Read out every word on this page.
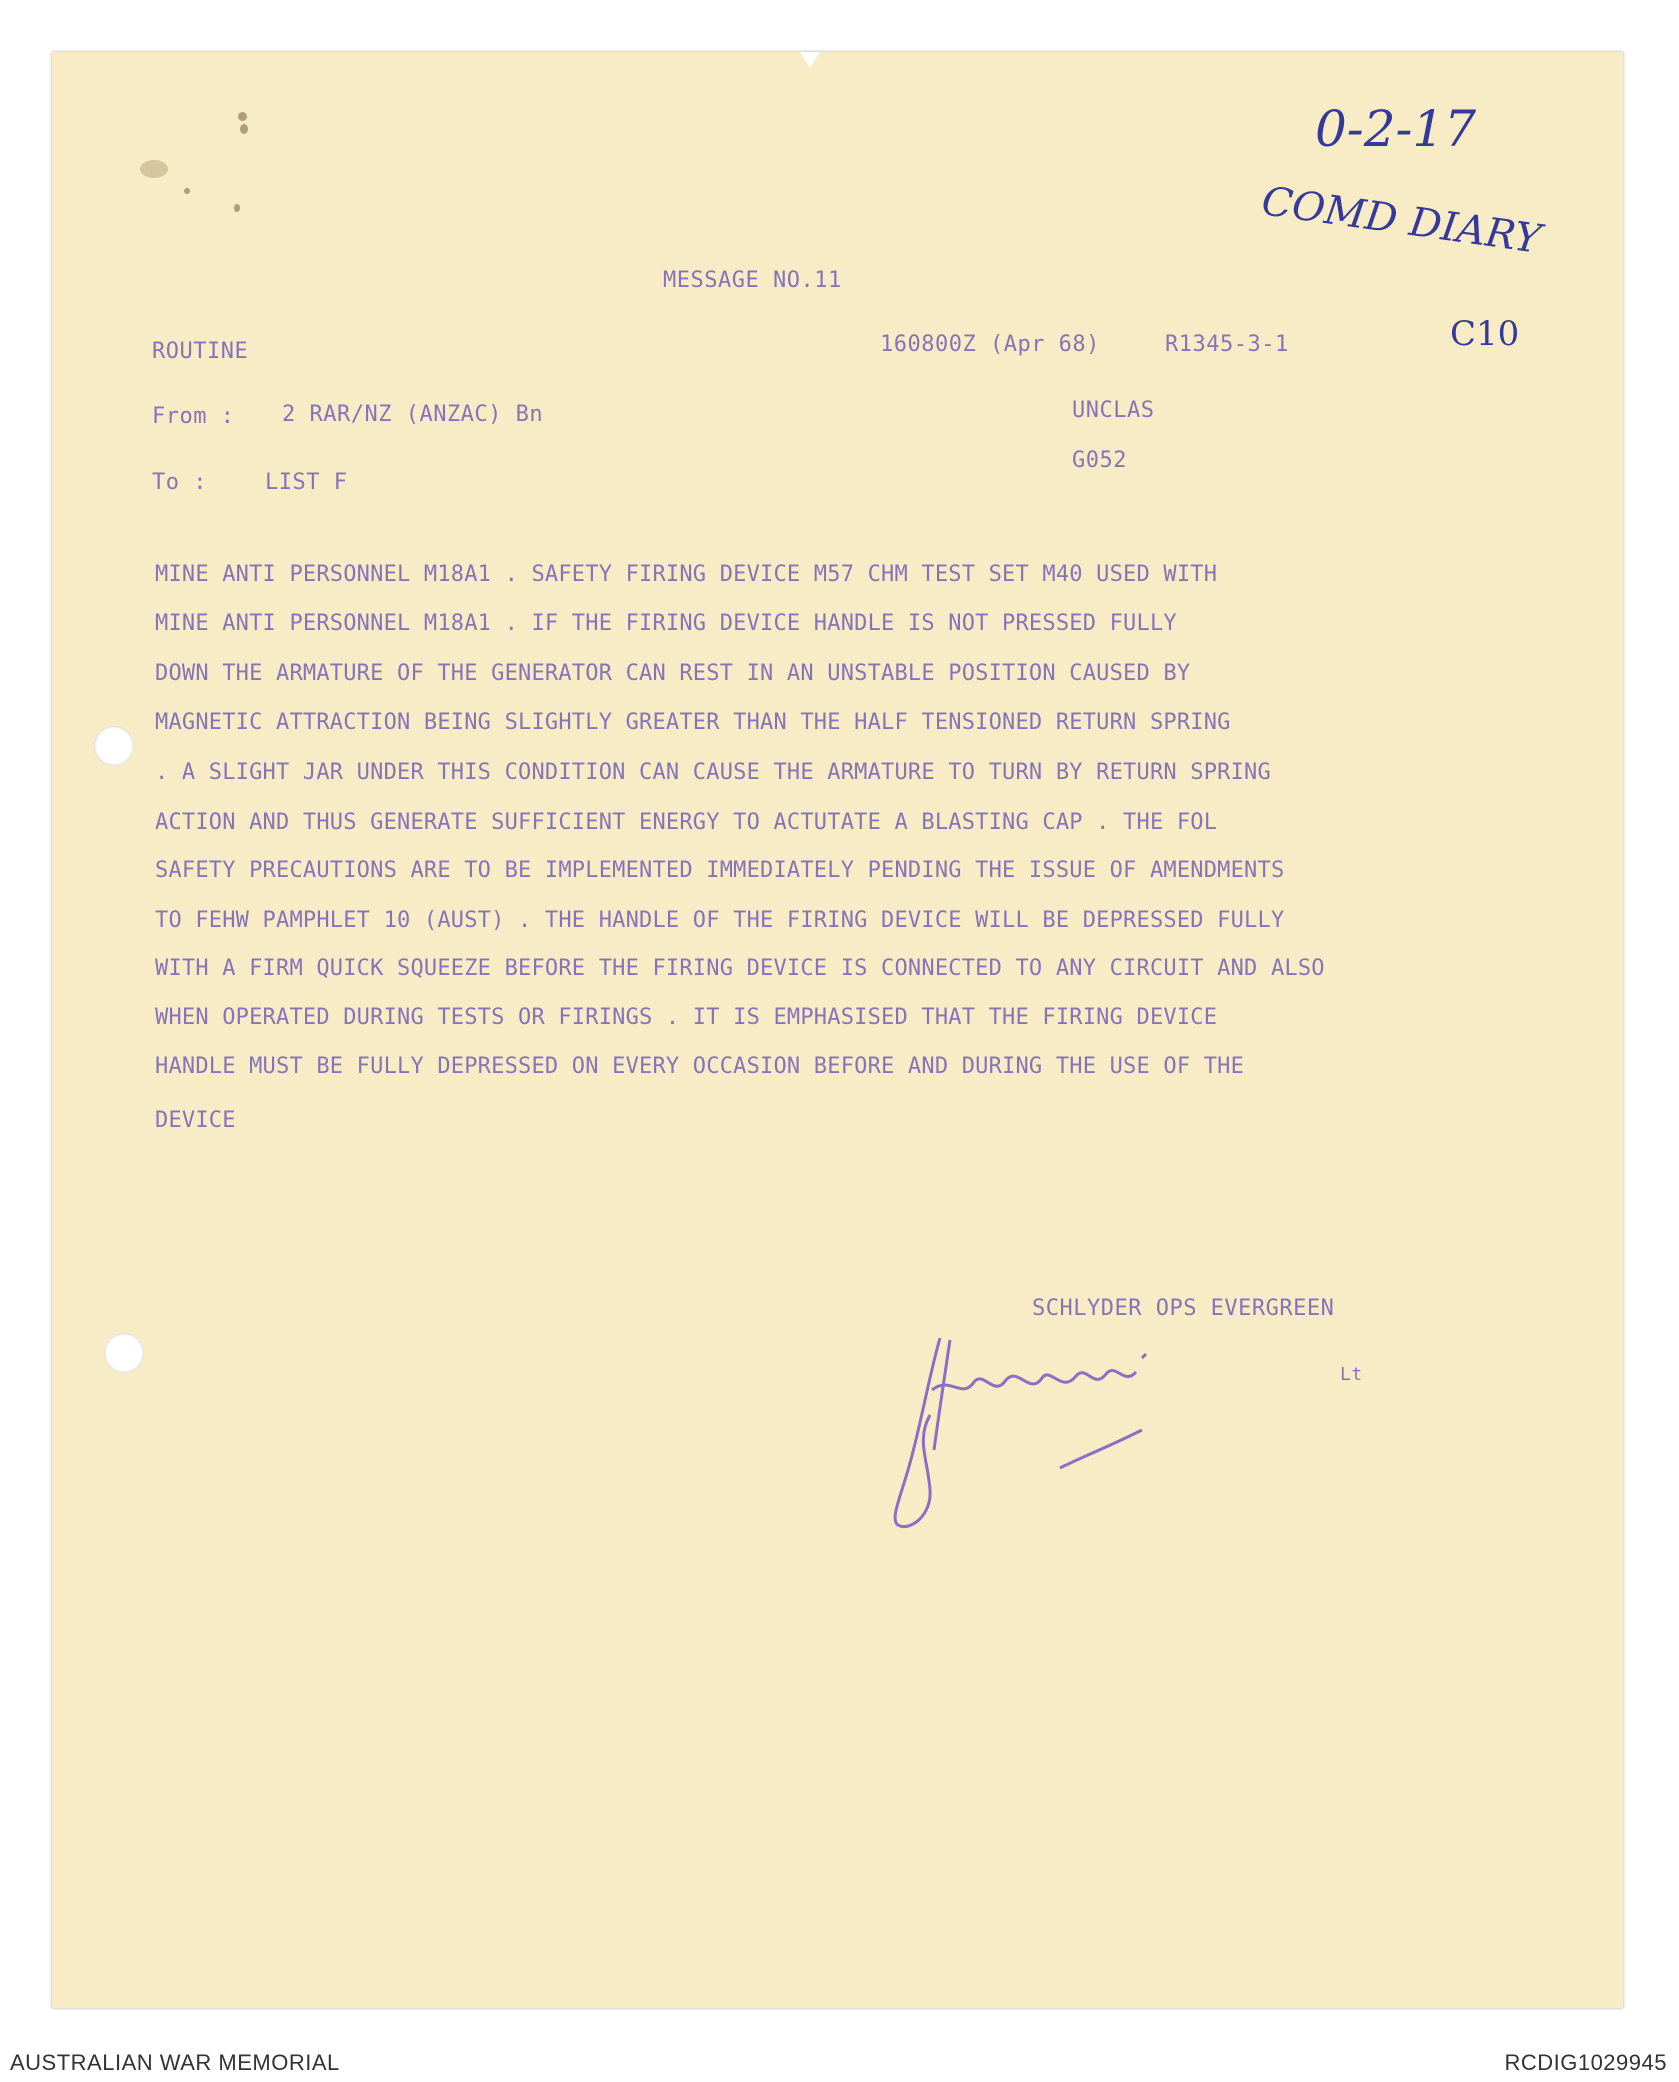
0-2-17
COMD DIARY
C10
MESSAGE NO.11
ROUTINE	160800Z (Apr 68)	R1345-3-1
From : 2 RAR/NZ (ANZAC) Bn	UNCLAS
To :	LIST F
G052
MINE ANTI PERSONNEL M18A1 . SAFETY FIRING DEVICE M57 CHM TEST SET M40 USED WITH
MINE ANTI PERSONNEL M18A1 . IF THE FIRING DEVICE HANDLE IS NOT PRESSED FULLY
DOWN THE ARMATURE OF THE GENERATOR CAN REST IN AN UNSTABLE POSITION CAUSED BY
MAGNETIC ATTRACTION BEING SLIGHTLY GREATER THAN THE HALF TENSIONED RETURN SPRING
. A SLIGHT JAR UNDER THIS CONDITION CAN CAUSE THE ARMATURE TO TURN BY RETURN SPRING
ACTION AND THUS GENERATE SUFFICIENT ENERGY TO ACTUTATE A BLASTING CAP . THE FOL
SAFETY PRECAUTIONS ARE TO BE IMPLEMENTED IMMEDIATELY PENDING THE ISSUE OF AMENDMENTS
TO FEHW PAMPHLET 10 (AUST) . THE HANDLE OF THE FIRING DEVICE WILL BE DEPRESSED FULLY
WITH A FIRM QUICK SQUEEZE BEFORE THE FIRING DEVICE IS CONNECTED TO ANY CIRCUIT AND ALSO
WHEN OPERATED DURING TESTS OR FIRINGS . IT IS EMPHASISED THAT THE FIRING DEVICE
HANDLE MUST BE FULLY DEPRESSED ON EVERY OCCASION BEFORE AND DURING THE USE OF THE
DEVICE
SCHLYDER OPS EVERGREEN
Lt
AUSTRALIAN WAR MEMORIAL	RCDIG1029945
